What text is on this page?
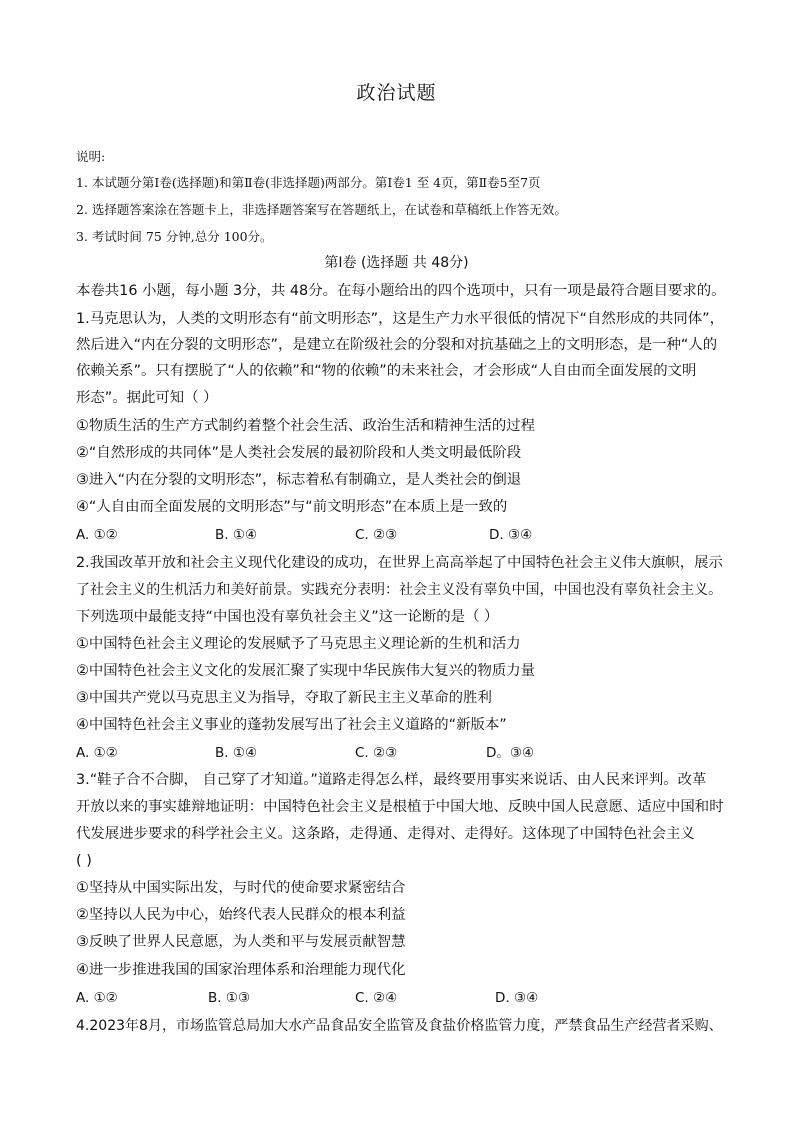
政治试题
说明:
1. 本试题分第Ⅰ卷(选择题)和第Ⅱ卷(非选择题)两部分。第Ⅰ卷1 至 4页，第Ⅱ卷5至7页
2. 选择题答案涂在答题卡上，非选择题答案写在答题纸上，在试卷和草稿纸上作答无效。
3. 考试时间 75 分钟,总分 100分。
第Ⅰ卷 (选择题 共 48分)
本卷共16 小题，每小题 3分，共 48分。在每小题给出的四个选项中，只有一项是最符合题目要求的。
1.马克思认为，人类的文明形态有“前文明形态”，这是生产力水平很低的情况下“自然形成的共同体”，
然后进入“内在分裂的文明形态”，是建立在阶级社会的分裂和对抗基础之上的文明形态，是一种“人的
依赖关系”。只有摆脱了“人的依赖”和“物的依赖”的未来社会，才会形成“人自由而全面发展的文明
形态”。据此可知（ ）
①物质生活的生产方式制约着整个社会生活、政治生活和精神生活的过程
②“自然形成的共同体”是人类社会发展的最初阶段和人类文明最低阶段
③进入“内在分裂的文明形态”，标志着私有制确立，是人类社会的倒退
④“人自由而全面发展的文明形态”与“前文明形态”在本质上是一致的
A. ①②	B. ①④	C. ②③	D. ③④
2.我国改革开放和社会主义现代化建设的成功，在世界上高高举起了中国特色社会主义伟大旗帜，展示
了社会主义的生机活力和美好前景。实践充分表明：社会主义没有辜负中国，中国也没有辜负社会主义。
下列选项中最能支持“中国也没有辜负社会主义”这一论断的是（ ）
①中国特色社会主义理论的发展赋予了马克思主义理论新的生机和活力
②中国特色社会主义文化的发展汇聚了实现中华民族伟大复兴的物质力量
③中国共产党以马克思主义为指导，夺取了新民主主义革命的胜利
④中国特色社会主义事业的蓬勃发展写出了社会主义道路的“新版本”
A. ①②	B. ①④	C. ②③	D。③④
3.“鞋子合不合脚， 自己穿了才知道。”道路走得怎么样，最终要用事实来说话、由人民来评判。改革
开放以来的事实雄辩地证明：中国特色社会主义是根植于中国大地、反映中国人民意愿、适应中国和时
代发展进步要求的科学社会主义。这条路，走得通、走得对、走得好。这体现了中国特色社会主义
( )
①坚持从中国实际出发，与时代的使命要求紧密结合
②坚持以人民为中心，始终代表人民群众的根本利益
③反映了世界人民意愿，为人类和平与发展贡献智慧
④进一步推进我国的国家治理体系和治理能力现代化
A. ①②	B. ①③	C. ②④	D. ③④
4.2023年8月，市场监管总局加大水产品食品安全监管及食盐价格监管力度，严禁食品生产经营者采购、
